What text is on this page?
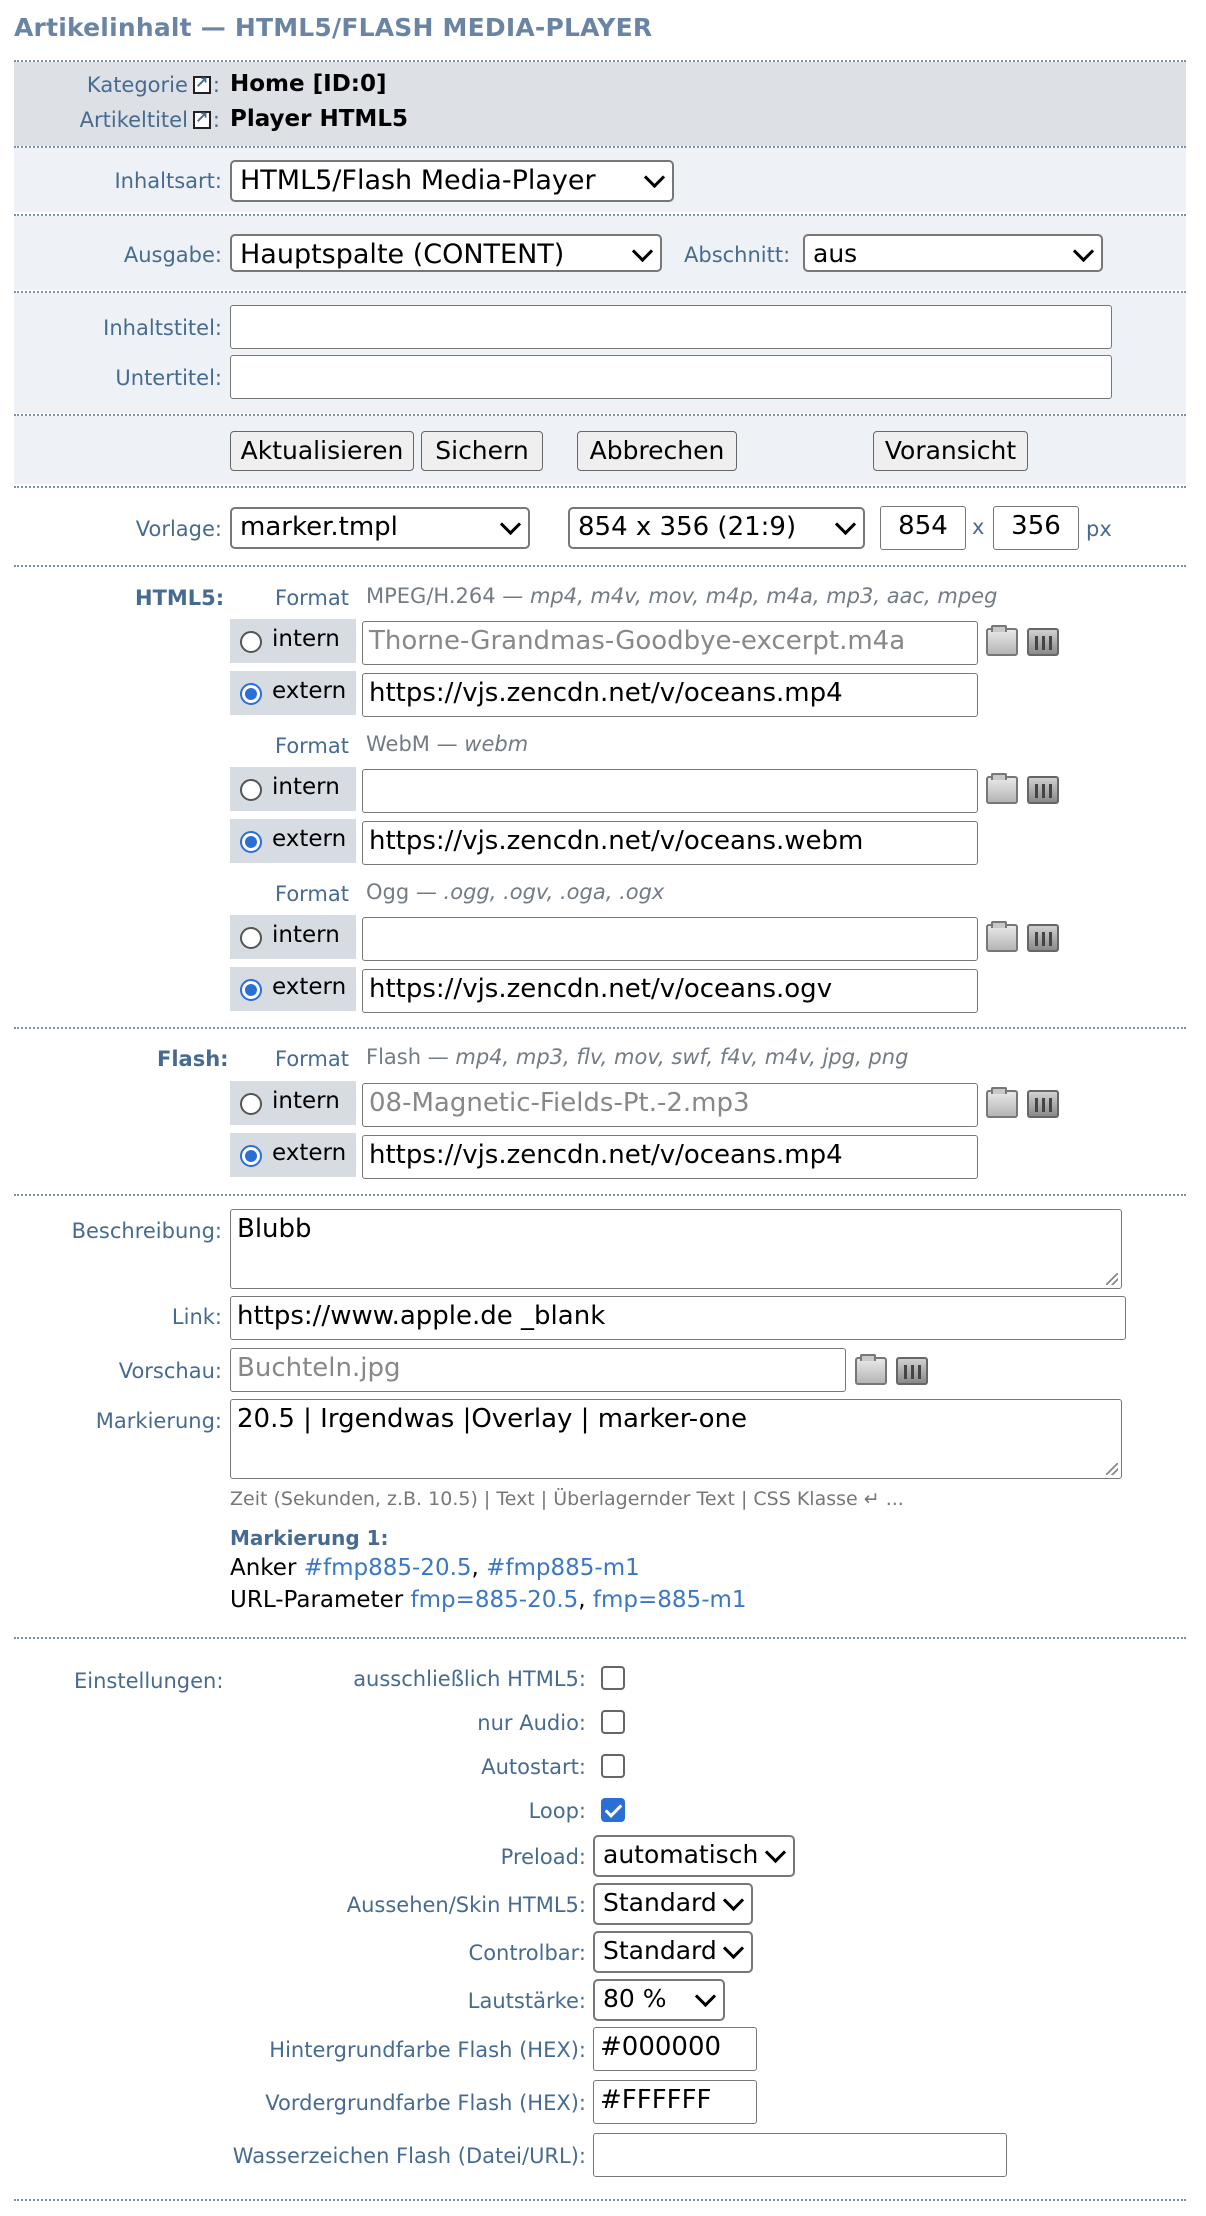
Artikelinhalt — HTML5/FLASH MEDIA-PLAYER
Kategorie ↗ : Home [ID:0]
Artikeltitel ↗ : Player HTML5
Inhaltsart: HTML5/Flash Media-Player
Ausgabe: Hauptspalte (CONTENT)	Abschnitt: aus
Inhaltstitel:
Untertitel:
Aktualisieren	Sichern	Abbrechen	Voransicht
Vorlage: marker.tmpl	854 x 356 (21:9)	854	x	356	px
HTML5: Format MPEG/H.264 — mp4, m4v, mov, m4p, m4a, mp3, aac, mpeg
intern Thorne-Grandmas-Goodbye-excerpt.m4a
extern https://vjs.zencdn.net/v/oceans.mp4
Format WebM — webm
intern
extern https://vjs.zencdn.net/v/oceans.webm
Format Ogg — .ogg, .ogv, .oga, .ogx
intern
extern https://vjs.zencdn.net/v/oceans.ogv
Flash: Format Flash — mp4, mp3, flv, mov, swf, f4v, m4v, jpg, png
intern 08-Magnetic-Fields-Pt.-2.mp3
extern https://vjs.zencdn.net/v/oceans.mp4
Beschreibung: Blubb
Link: https://www.apple.de _blank
Vorschau: Buchteln.jpg
Markierung: 20.5 | Irgendwas |Overlay | marker-one
Zeit (Sekunden, z.B. 10.5) | Text | Überlagernder Text | CSS Klasse ↵ ...
Markierung 1:
Anker #fmp885-20.5, #fmp885-m1
URL-Parameter fmp=885-20.5, fmp=885-m1
Einstellungen:	ausschließlich HTML5:
nur Audio:
Autostart:
Loop:
Preload: automatisch
Aussehen/Skin HTML5: Standard
Controlbar: Standard
Lautstärke: 80 %
Hintergrundfarbe Flash (HEX): #000000
Vordergrundfarbe Flash (HEX): #FFFFFF
Wasserzeichen Flash (Datei/URL):
